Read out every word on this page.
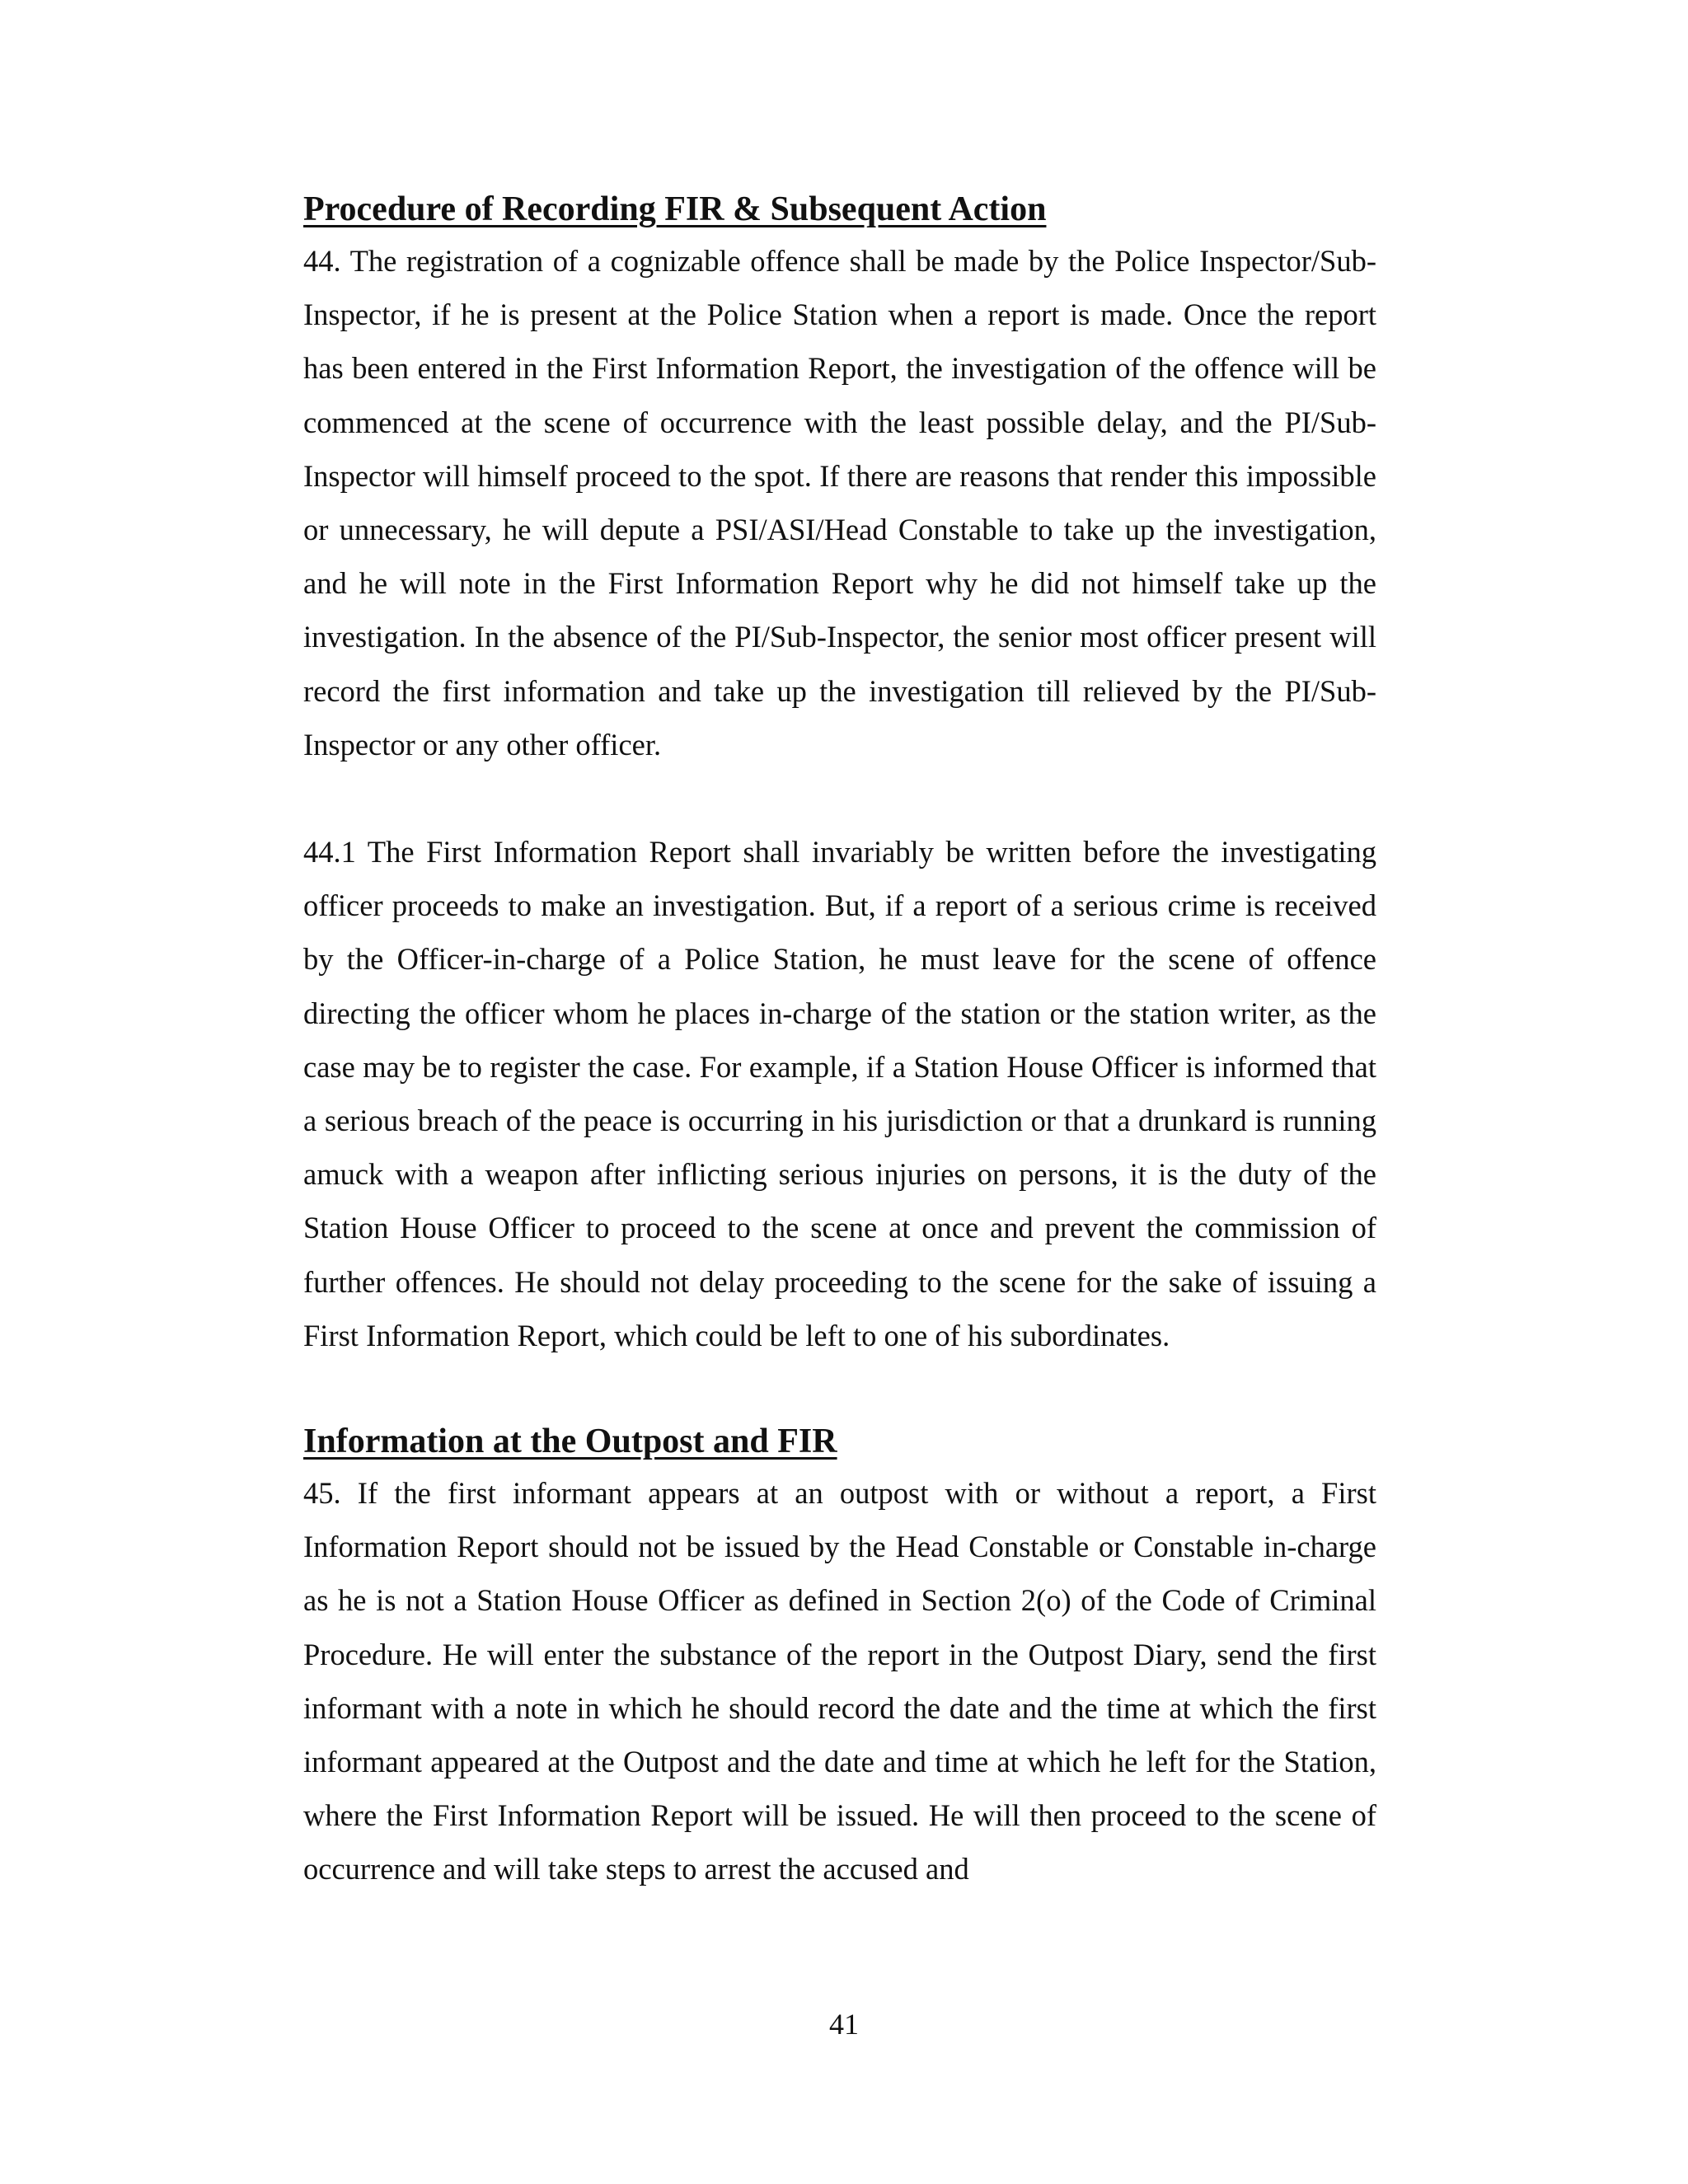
Procedure of Recording FIR & Subsequent Action

44. The registration of a cognizable offence shall be made by the Police Inspector/Sub-Inspector, if he is present at the Police Station when a report is made. Once the report has been entered in the First Information Report, the investigation of the offence will be commenced at the scene of occurrence with the least possible delay, and the PI/Sub-Inspector will himself proceed to the spot. If there are reasons that render this impossible or unnecessary, he will depute a PSI/ASI/Head Constable to take up the investigation, and he will note in the First Information Report why he did not himself take up the investigation. In the absence of the PI/Sub-Inspector, the senior most officer present will record the first information and take up the investigation till relieved by the PI/Sub-Inspector or any other officer.

44.1 The First Information Report shall invariably be written before the investigating officer proceeds to make an investigation. But, if a report of a serious crime is received by the Officer-in-charge of a Police Station, he must leave for the scene of offence directing the officer whom he places in-charge of the station or the station writer, as the case may be to register the case. For example, if a Station House Officer is informed that a serious breach of the peace is occurring in his jurisdiction or that a drunkard is running amuck with a weapon after inflicting serious injuries on persons, it is the duty of the Station House Officer to proceed to the scene at once and prevent the commission of further offences. He should not delay proceeding to the scene for the sake of issuing a First Information Report, which could be left to one of his subordinates.

Information at the Outpost and FIR

45. If the first informant appears at an outpost with or without a report, a First Information Report should not be issued by the Head Constable or Constable in-charge as he is not a Station House Officer as defined in Section 2(o) of the Code of Criminal Procedure. He will enter the substance of the report in the Outpost Diary, send the first informant with a note in which he should record the date and the time at which the first informant appeared at the Outpost and the date and time at which he left for the Station, where the First Information Report will be issued. He will then proceed to the scene of occurrence and will take steps to arrest the accused and

41
